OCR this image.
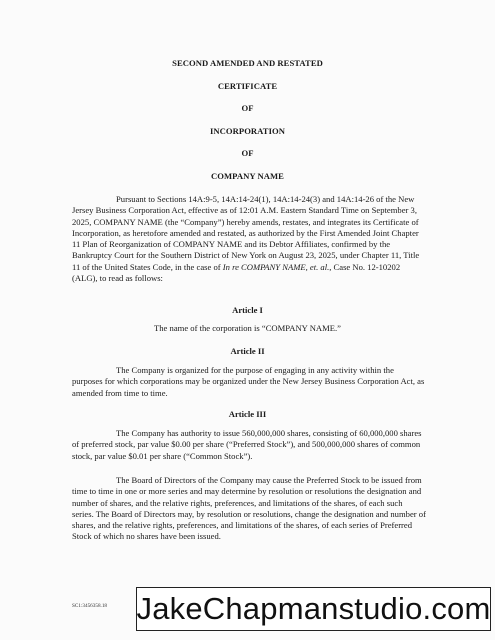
SECOND AMENDED AND RESTATED
CERTIFICATE
OF
INCORPORATION
OF
COMPANY NAME

Pursuant to Sections 14A:9-5, 14A:14-24(1), 14A:14-24(3) and 14A:14-26 of the New Jersey Business Corporation Act, effective as of 12:01 A.M. Eastern Standard Time on September 3, 2025, COMPANY NAME (the “Company”) hereby amends, restates, and integrates its Certificate of Incorporation, as heretofore amended and restated, as authorized by the First Amended Joint Chapter 11 Plan of Reorganization of COMPANY NAME and its Debtor Affiliates, confirmed by the Bankruptcy Court for the Southern District of New York on August 23, 2025, under Chapter 11, Title 11 of the United States Code, in the case of In re COMPANY NAME, et. al., Case No. 12-10202 (ALG), to read as follows:

Article I
The name of the corporation is “COMPANY NAME.”
Article II

The Company is organized for the purpose of engaging in any activity within the purposes for which corporations may be organized under the New Jersey Business Corporation Act, as amended from time to time.

Article III

The Company has authority to issue 560,000,000 shares, consisting of 60,000,000 shares of preferred stock, par value $0.00 per share (“Preferred Stock”), and 500,000,000 shares of common stock, par value $0.01 per share (“Common Stock”).

The Board of Directors of the Company may cause the Preferred Stock to be issued from time to time in one or more series and may determine by resolution or resolutions the designation and number of shares, and the relative rights, preferences, and limitations of the shares, of each such series. The Board of Directors may, by resolution or resolutions, change the designation and number of shares, and the relative rights, preferences, and limitations of the shares, of each series of Preferred Stock of which no shares have been issued.

SC1:3456358.18 JakeChapmanstudio.com
